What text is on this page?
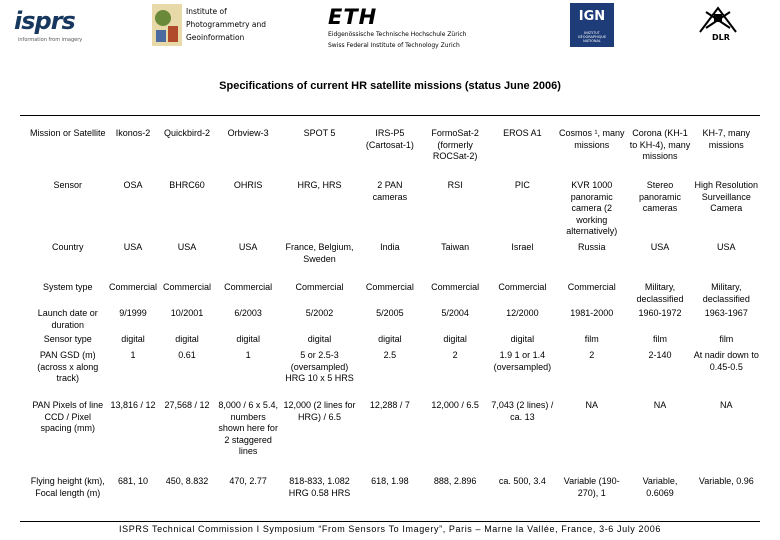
isprs
information from imagery
Institute of
Photogrammetry and
Geoinformation
ETH
Eidgenössische Technische Hochschule Zürich
Swiss Federal Institute of Technology Zurich
IGN
INSTITUT GÉOGRAPHIQUE NATIONAL	DLR
Specifications of current HR satellite missions (status June 2006)
Mission or Satellite	Ikonos-2	Quickbird-2	Orbview-3	SPOT 5	IRS-P5 (Cartosat-1)	FormoSat-2 (formerly ROCSat-2)	EROS A1	Cosmos ¹, many missions	Corona (KH-1 to KH-4), many missions	KH-7, many missions
Sensor	OSA	BHRC60	OHRIS	HRG, HRS	2 PAN cameras	RSI	PIC	KVR 1000 panoramic camera (2 working alternatively)	Stereo panoramic cameras	High Resolution Surveillance Camera
Country	USA	USA	USA	France, Belgium, Sweden	India	Taiwan	Israel	Russia	USA	USA
System type	Commercial	Commercial	Commercial	Commercial	Commercial	Commercial	Commercial	Commercial	Military, declassified	Military, declassified
Launch date or duration	9/1999	10/2001	6/2003	5/2002	5/2005	5/2004	12/2000	1981-2000	1960-1972	1963-1967
Sensor type	digital	digital	digital	digital	digital	digital	digital	film	film	film
PAN GSD (m) (across x along track)	1	0.61	1	5 or 2.5-3 (oversampled) HRG 10 x 5 HRS	2.5	2	1.9 1 or 1.4 (oversampled)	2	2-140	At nadir down to 0.45-0.5
PAN Pixels of line CCD / Pixel spacing (mm)	13,816 / 12	27,568 / 12	8,000 / 6 x 5.4, numbers shown here for 2 staggered lines	12,000 (2 lines for HRG) / 6.5	12,288 / 7	12,000 / 6.5	7,043 (2 lines) / ca. 13	NA	NA	NA
Flying height (km), Focal length (m)	681, 10	450, 8.832	470, 2.77	818-833, 1.082 HRG 0.58 HRS	618, 1.98	888, 2.896	ca. 500, 3.4	Variable (190-270), 1	Variable, 0.6069	Variable, 0.96
ISPRS Technical Commission I Symposium “From Sensors To Imagery”, Paris – Marne la Vallée, France, 3-6 July 2006
